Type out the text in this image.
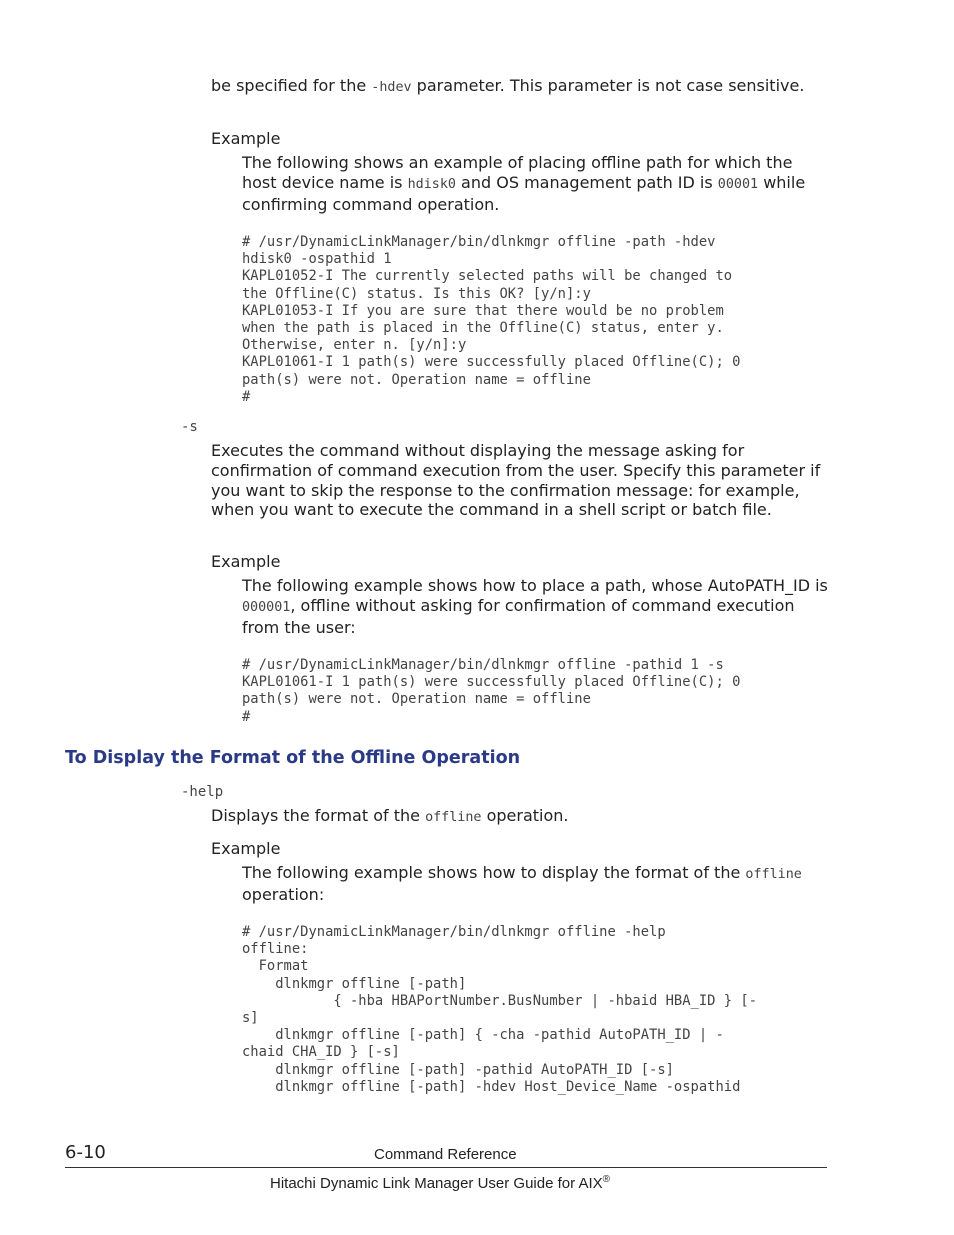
be specified for the -hdev parameter. This parameter is not case sensitive.

Example

The following shows an example of placing offline path for which the host device name is hdisk0 and OS management path ID is 00001 while confirming command operation.

# /usr/DynamicLinkManager/bin/dlnkmgr offline -path -hdev
hdisk0 -ospathid 1
KAPL01052-I The currently selected paths will be changed to
the Offline(C) status. Is this OK? [y/n]:y
KAPL01053-I If you are sure that there would be no problem
when the path is placed in the Offline(C) status, enter y.
Otherwise, enter n. [y/n]:y
KAPL01061-I 1 path(s) were successfully placed Offline(C); 0
path(s) were not. Operation name = offline
#
-s

Executes the command without displaying the message asking for confirmation of command execution from the user. Specify this parameter if you want to skip the response to the confirmation message: for example, when you want to execute the command in a shell script or batch file.

Example

The following example shows how to place a path, whose AutoPATH_ID is 000001, offline without asking for confirmation of command execution from the user:

# /usr/DynamicLinkManager/bin/dlnkmgr offline -pathid 1 -s
KAPL01061-I 1 path(s) were successfully placed Offline(C); 0
path(s) were not. Operation name = offline
#
To Display the Format of the Offline Operation
-help

Displays the format of the offline operation.

Example

The following example shows how to display the format of the offline operation:

# /usr/DynamicLinkManager/bin/dlnkmgr offline -help
offline:
Format
dlnkmgr offline [-path]
{ -hba HBAPortNumber.BusNumber | -hbaid HBA_ID } [-
s]
dlnkmgr offline [-path] { -cha -pathid AutoPATH_ID | -
chaid CHA_ID } [-s]
dlnkmgr offline [-path] -pathid AutoPATH_ID [-s]
dlnkmgr offline [-path] -hdev Host_Device_Name -ospathid
6-10	Command Reference
Hitachi Dynamic Link Manager User Guide for AIX®
